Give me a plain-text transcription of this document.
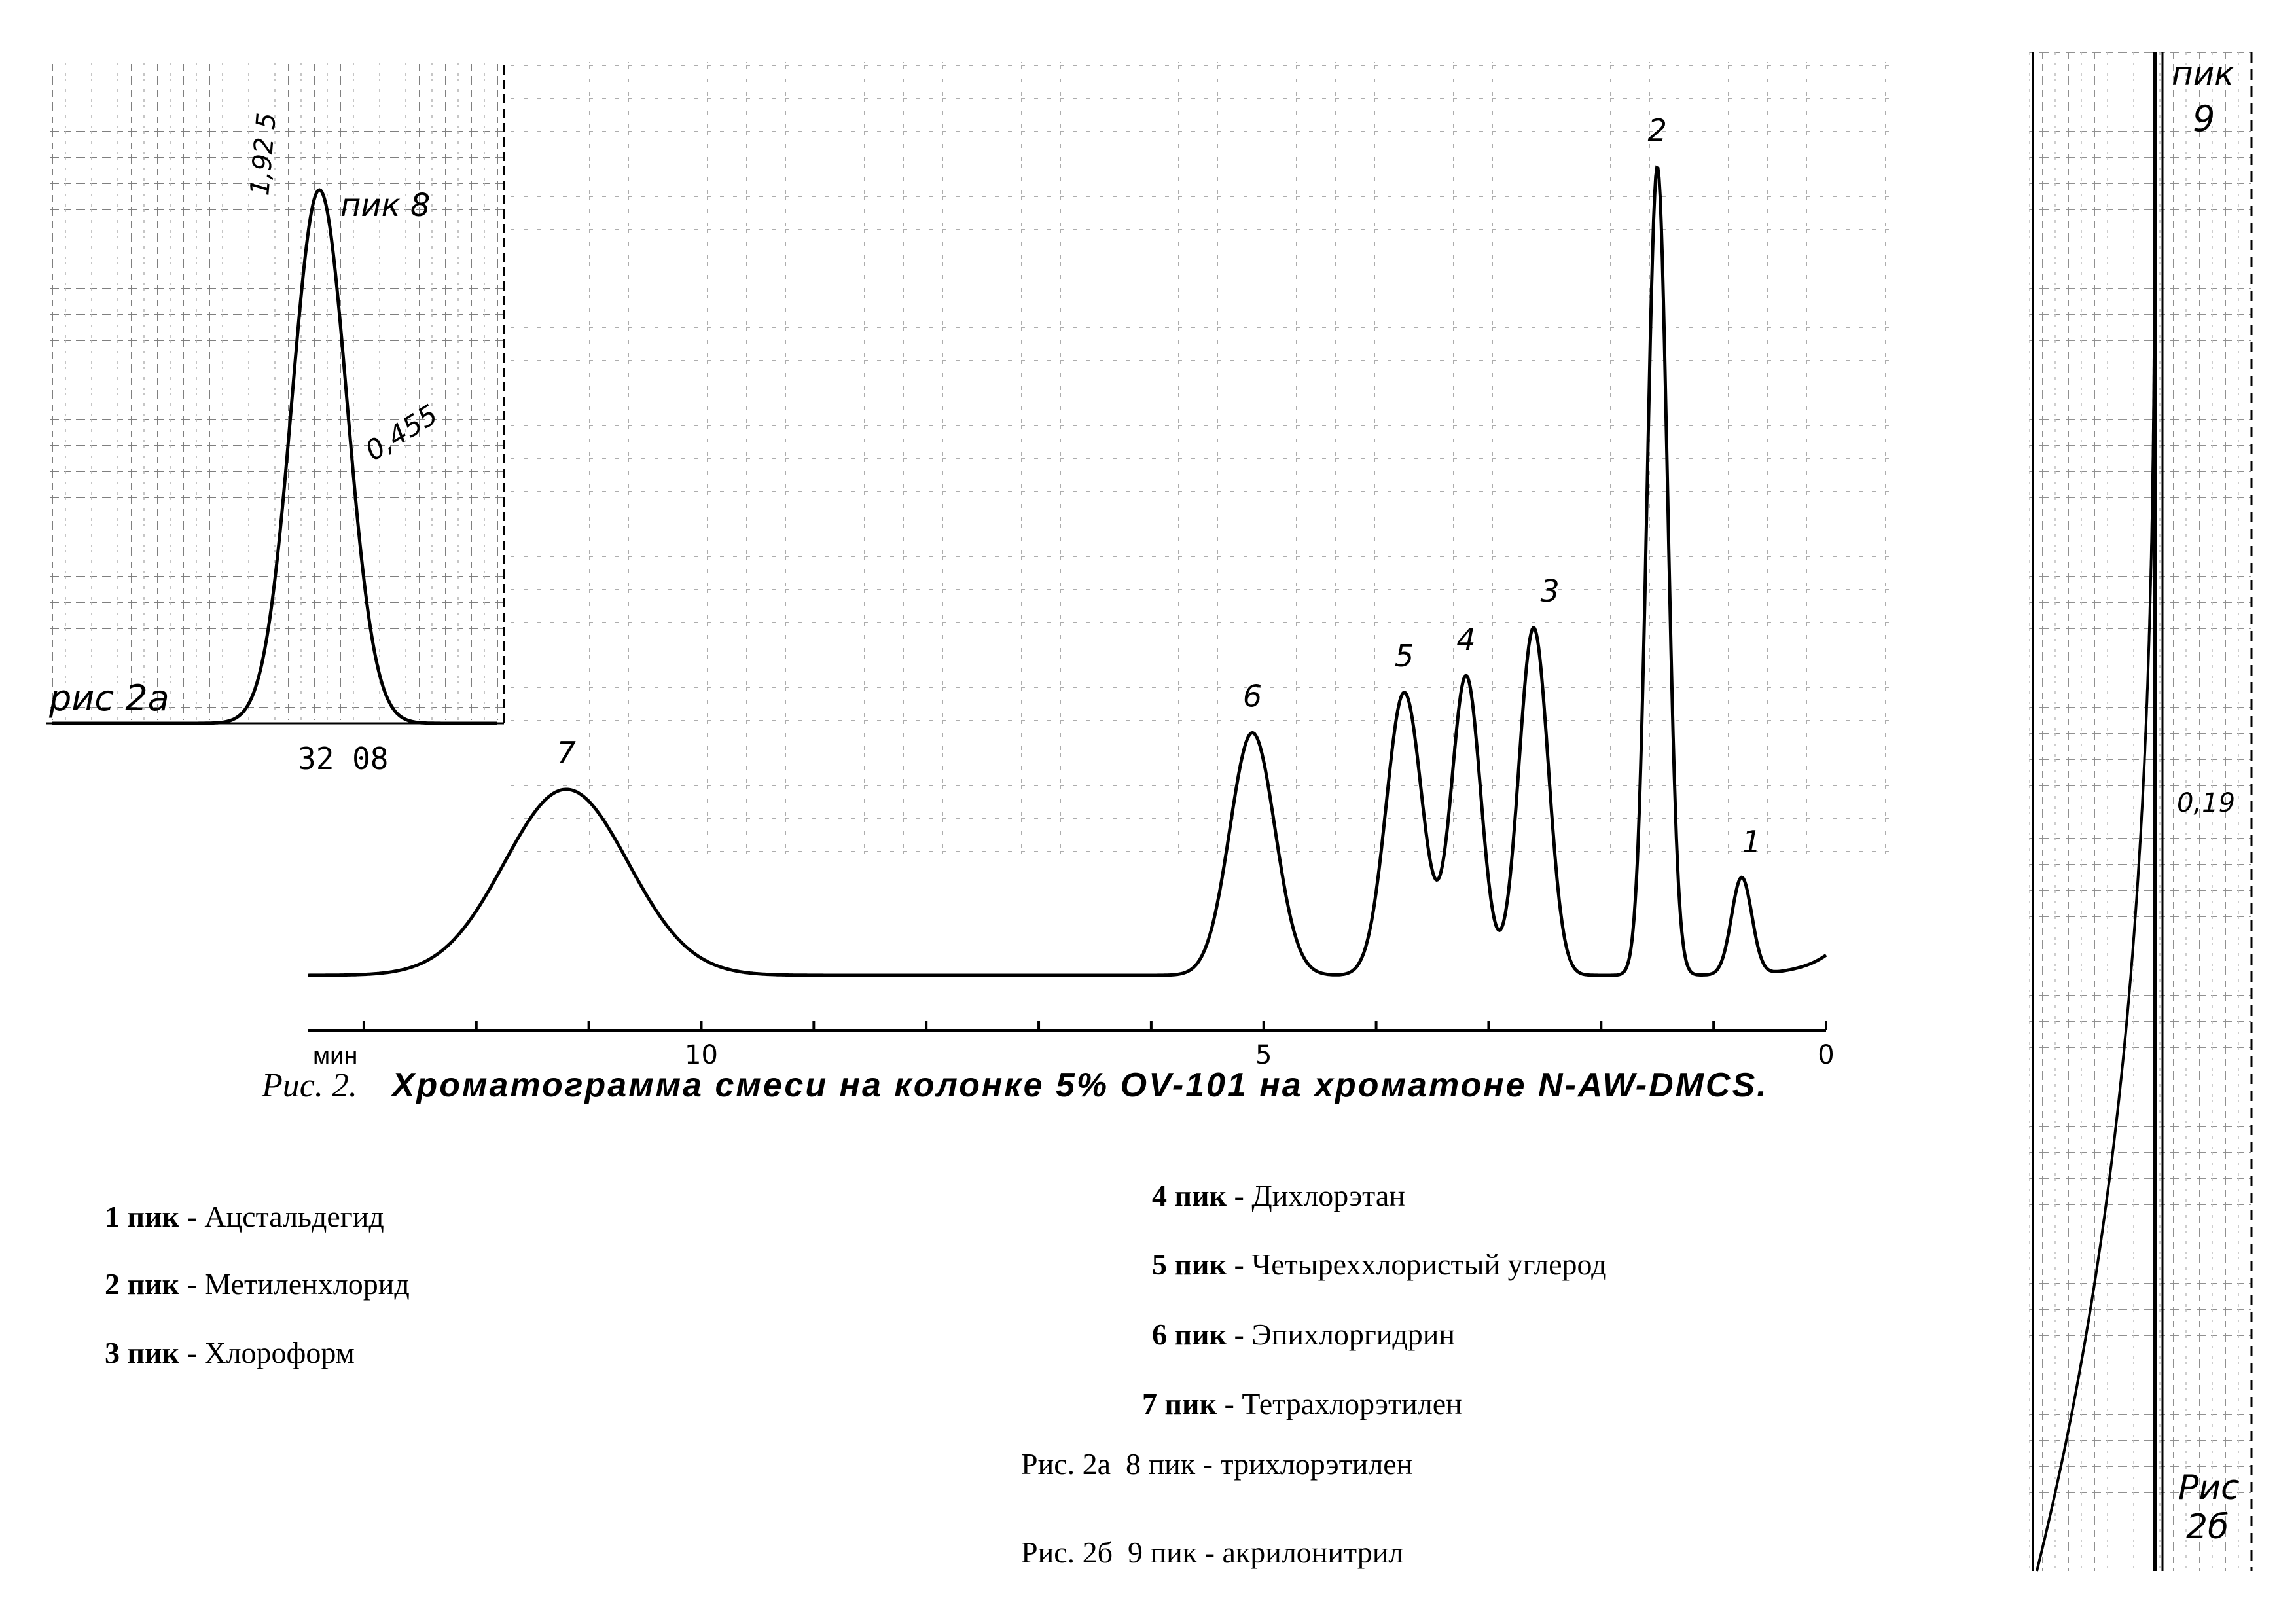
0
5
10
1
2
3
4
5
6
7
мин
пик 8
1,92 5
0,455
32 08
рис 2а
пик
9
0,19
Рис
2б
Рис. 2. Хроматограмма смеси на колонке 5% OV-101 на хроматоне N-AW-DMCS.
1 пик - Ацстальдегид
2 пик - Метиленхлорид
3 пик - Хлороформ
4 пик - Дихлорэтан
5 пик - Четыреххлористый углерод
6 пик - Эпихлоргидрин
7 пик - Тетрахлорэтилен
Рис. 2а 8 пик - трихлорэтилен
Рис. 2б 9 пик - акрилонитрил
